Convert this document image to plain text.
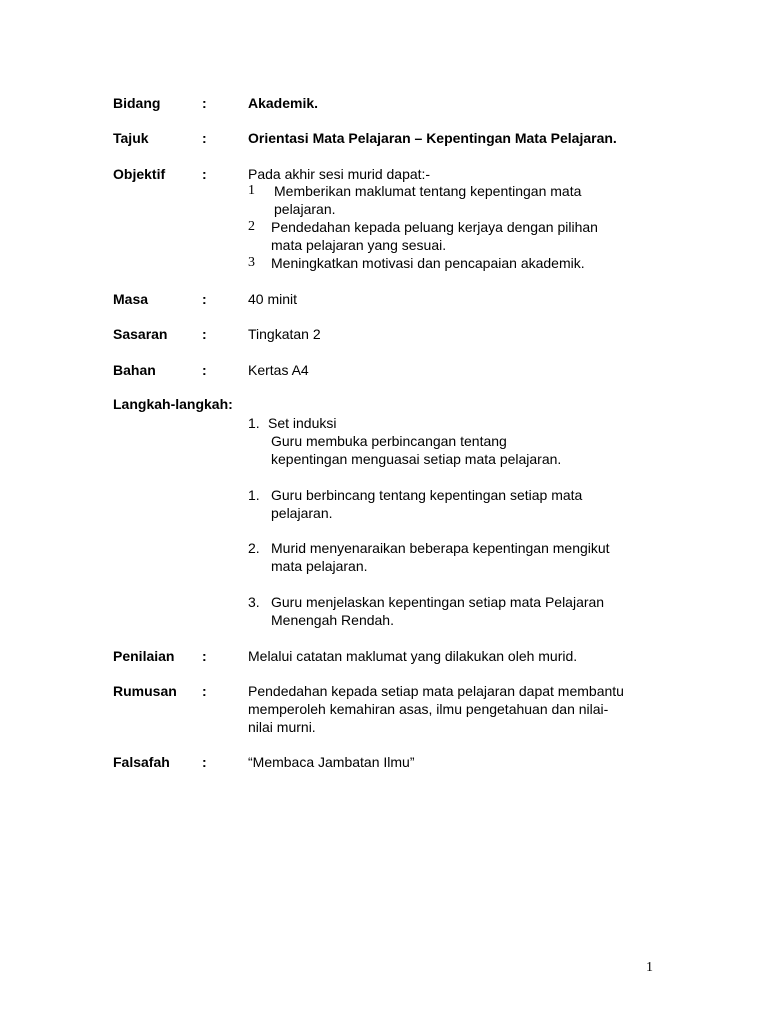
Bidang	:	Akademik.
Tajuk	:	Orientasi Mata Pelajaran – Kepentingan Mata Pelajaran.
Objektif	:	Pada akhir sesi murid dapat:-
1 Memberikan maklumat tentang kepentingan mata
pelajaran.
2 Pendedahan kepada peluang kerjaya dengan pilihan
mata pelajaran yang sesuai.
3 Meningkatkan motivasi dan pencapaian akademik.
Masa	:	40 minit
Sasaran :	Tingkatan 2
Bahan	:	Kertas A4
Langkah-langkah:
1. Set induksi
Guru membuka perbincangan tentang
kepentingan menguasai setiap mata pelajaran.
1. Guru berbincang tentang kepentingan setiap mata
pelajaran.
2. Murid menyenaraikan beberapa kepentingan mengikut
mata pelajaran.
3. Guru menjelaskan kepentingan setiap mata Pelajaran
Menengah Rendah.
Penilaian :	Melalui catatan maklumat yang dilakukan oleh murid.
Rumusan :	Pendedahan kepada setiap mata pelajaran dapat membantu
memperoleh kemahiran asas, ilmu pengetahuan dan nilai-
nilai murni.
Falsafah :	“Membaca Jambatan Ilmu”
1
